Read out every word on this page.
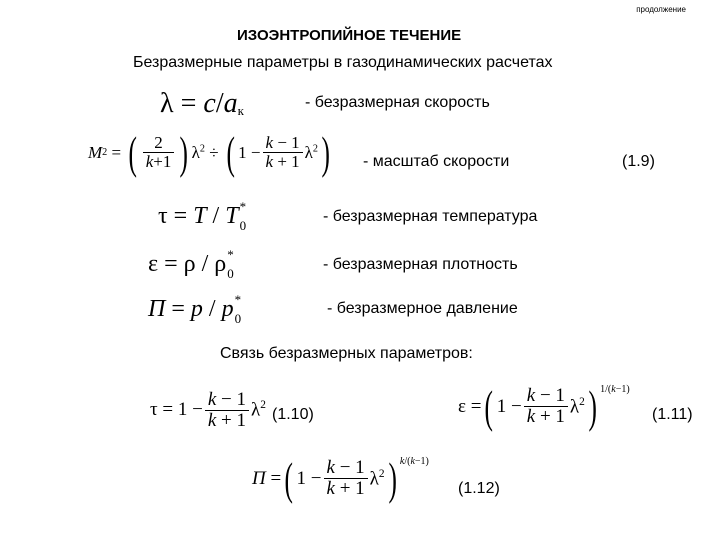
продолжение
ИЗОЭНТРОПИЙНОЕ ТЕЧЕНИЕ
Безразмерные параметры в газодинамических расчетах
λ = c / a к	- безразмерная скорость
M 2 = ( $\frac{2}{k+1}$ ) $\lambda^2$ ÷ ( $1 - \frac{k - 1}{k + 1} \lambda^2$ ) - масштаб скорости	(1.9)
τ = T / T *
0
- безразмерная температура
ε = ρ / ρ *
0
- безразмерная плотность
Π = p / p *
0
- безразмерное давление
Связь безразмерных параметров:
$\tau = 1 - \frac{k - 1}{k + 1} \lambda^2$
(1.10)	ε = ( $1 - \frac{k - 1}{k + 1} \lambda^2$ ) 1/(k−1)
(1.11)
Π = ( $1 - \frac{k - 1}{k + 1} \lambda^2$ ) k/(k−1)
(1.12)
